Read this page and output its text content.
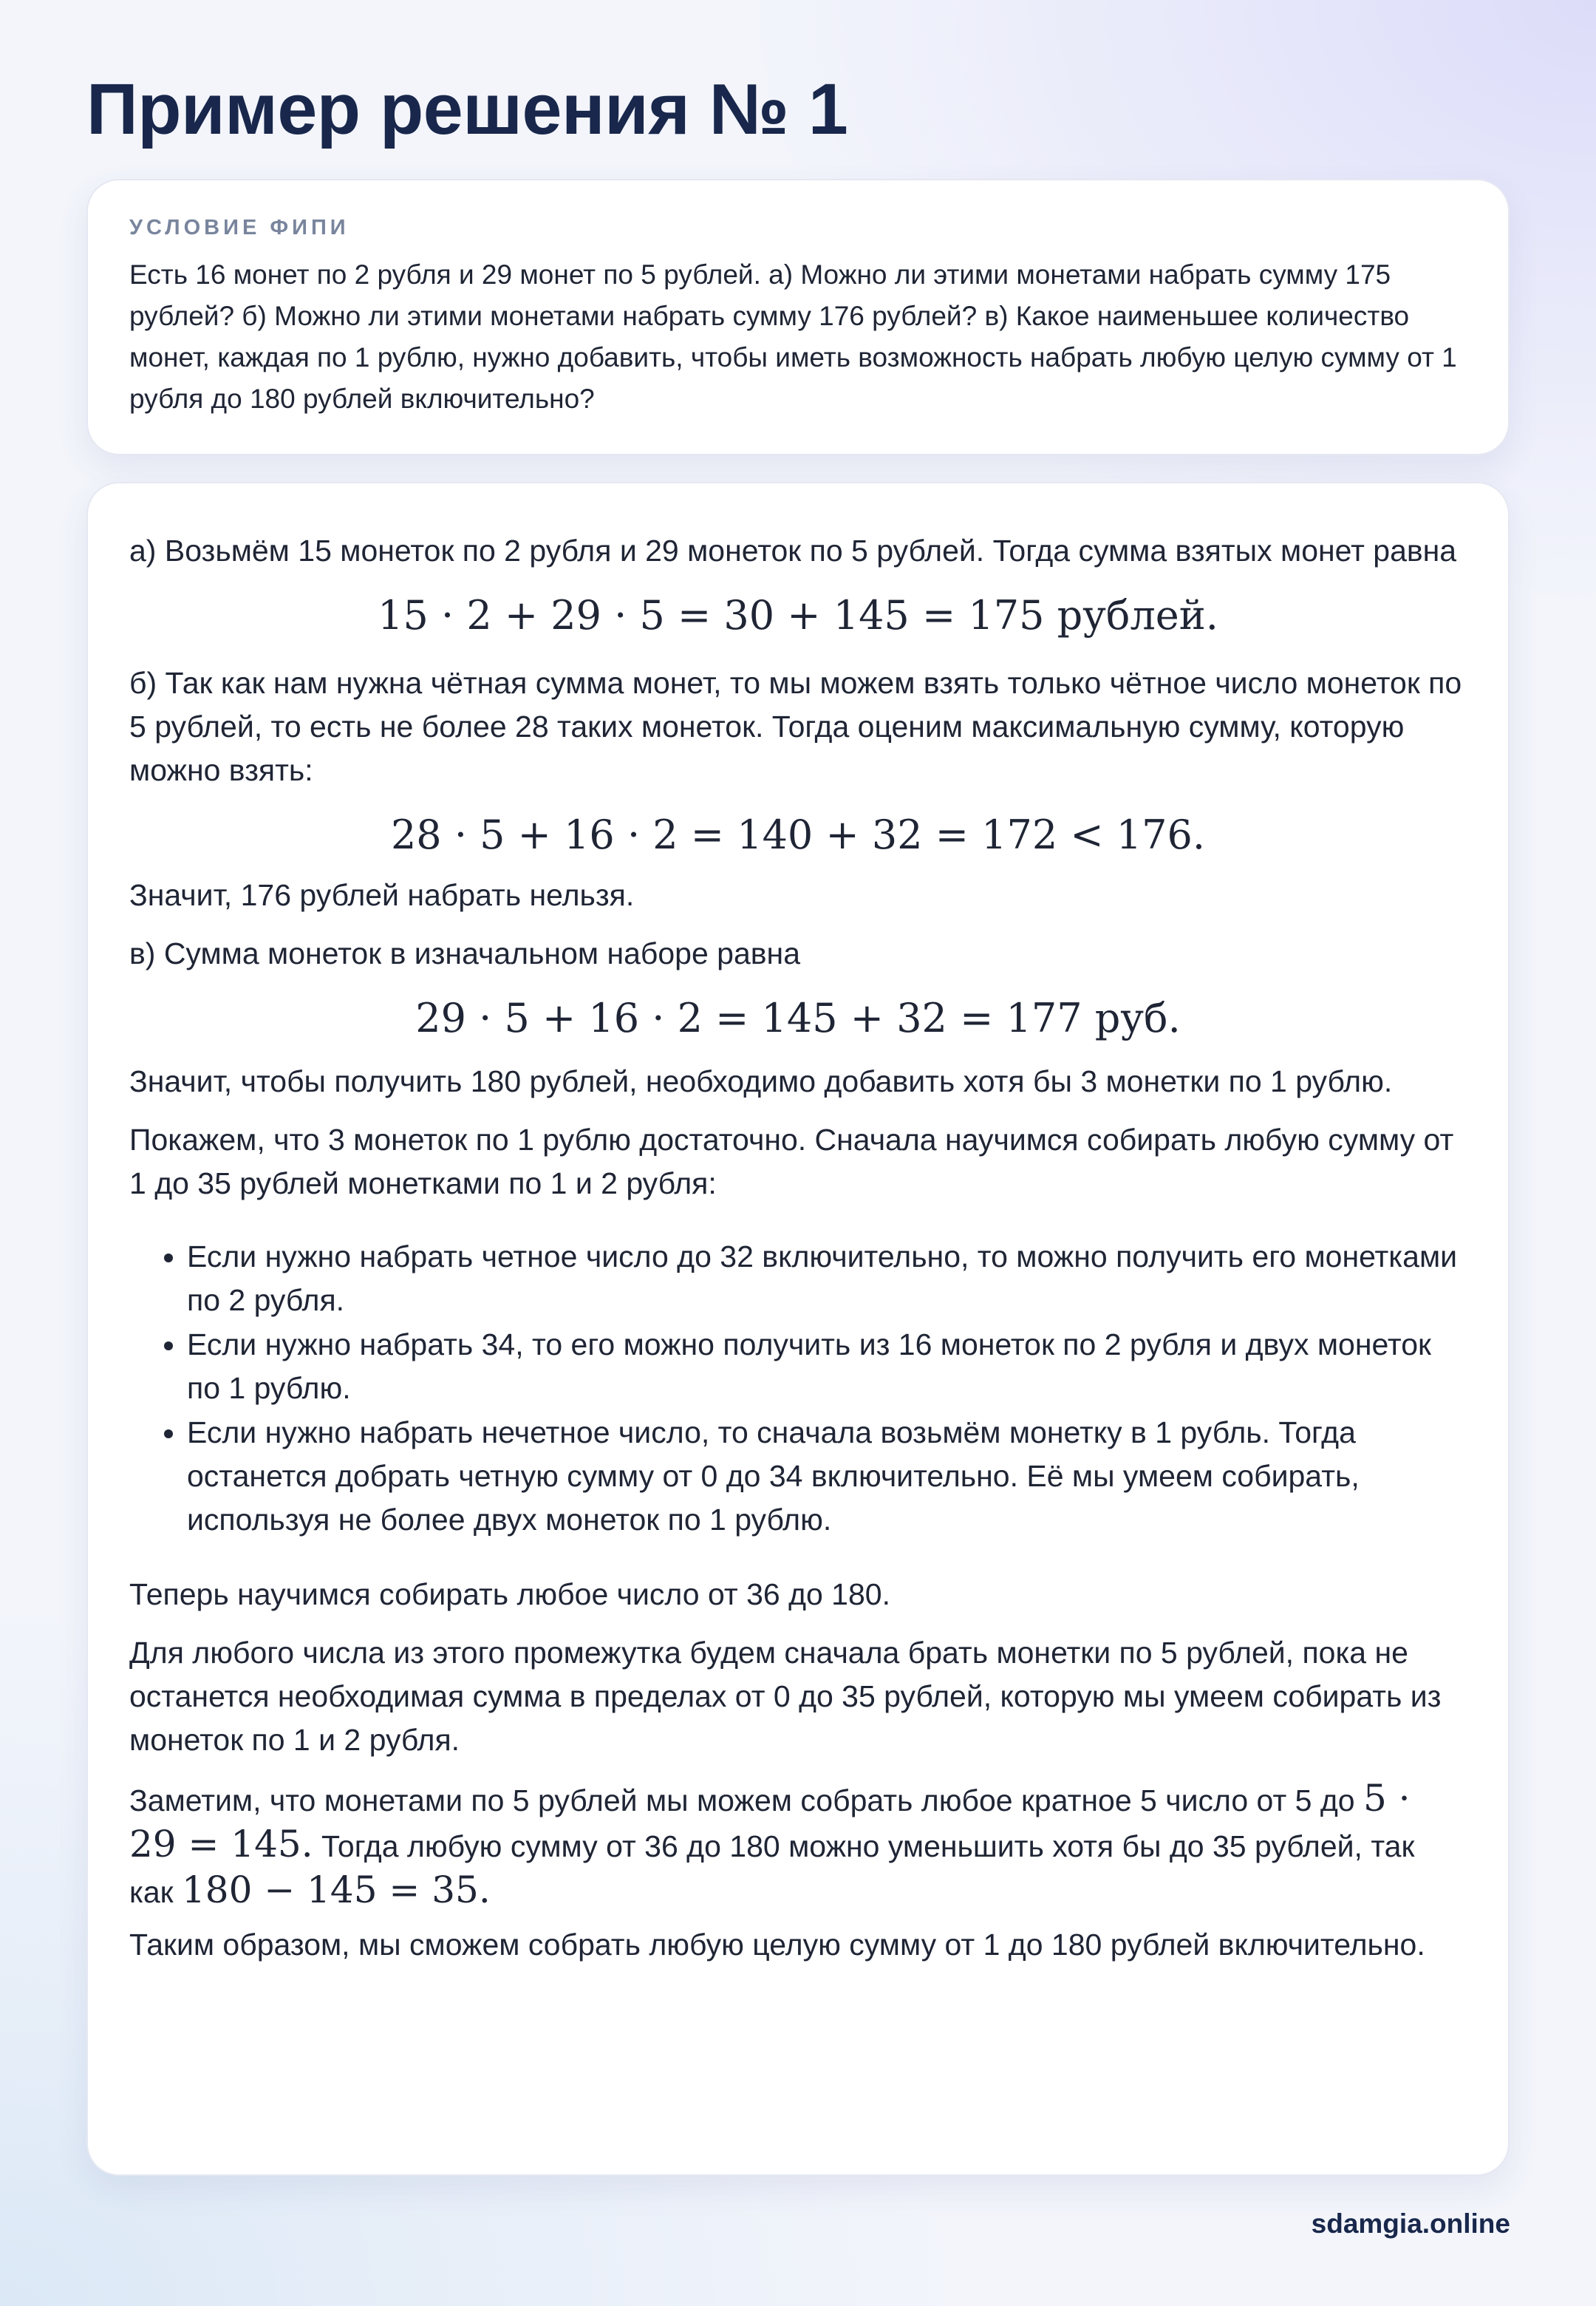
Пример решения № 1

УСЛОВИЕ ФИПИ

Есть 16 монет по 2 рубля и 29 монет по 5 рублей. а) Можно ли этими монетами набрать сумму 175 рублей? б) Можно ли этими монетами набрать сумму 176 рублей? в) Какое наименьшее количество монет, каждая по 1 рублю, нужно добавить, чтобы иметь возможность набрать любую целую сумму от 1 рубля до 180 рублей включительно?

а) Возьмём 15 монеток по 2 рубля и 29 монеток по 5 рублей. Тогда сумма взятых монет равна

15 · 2 + 29 · 5 = 30 + 145 = 175 рублей.

б) Так как нам нужна чётная сумма монет, то мы можем взять только чётное число монеток по 5 рублей, то есть не более 28 таких монеток. Тогда оценим максимальную сумму, которую можно взять:

28 · 5 + 16 · 2 = 140 + 32 = 172 < 176.

Значит, 176 рублей набрать нельзя.

в) Сумма монеток в изначальном наборе равна

29 · 5 + 16 · 2 = 145 + 32 = 177 руб.

Значит, чтобы получить 180 рублей, необходимо добавить хотя бы 3 монетки по 1 рублю.

Покажем, что 3 монеток по 1 рублю достаточно. Сначала научимся собирать любую сумму от 1 до 35 рублей монетками по 1 и 2 рубля:

• Если нужно набрать четное число до 32 включительно, то можно получить его монетками по 2 рубля.
• Если нужно набрать 34, то его можно получить из 16 монеток по 2 рубля и двух монеток по 1 рублю.
• Если нужно набрать нечетное число, то сначала возьмём монетку в 1 рубль. Тогда останется добрать четную сумму от 0 до 34 включительно. Её мы умеем собирать, используя не более двух монеток по 1 рублю.

Теперь научимся собирать любое число от 36 до 180.

Для любого числа из этого промежутка будем сначала брать монетки по 5 рублей, пока не останется необходимая сумма в пределах от 0 до 35 рублей, которую мы умеем собирать из монеток по 1 и 2 рубля.

Заметим, что монетами по 5 рублей мы можем собрать любое кратное 5 число от 5 до 5 · 29 = 145. Тогда любую сумму от 36 до 180 можно уменьшить хотя бы до 35 рублей, так как 180 − 145 = 35.

Таким образом, мы сможем собрать любую целую сумму от 1 до 180 рублей включительно.

sdamgia.online
